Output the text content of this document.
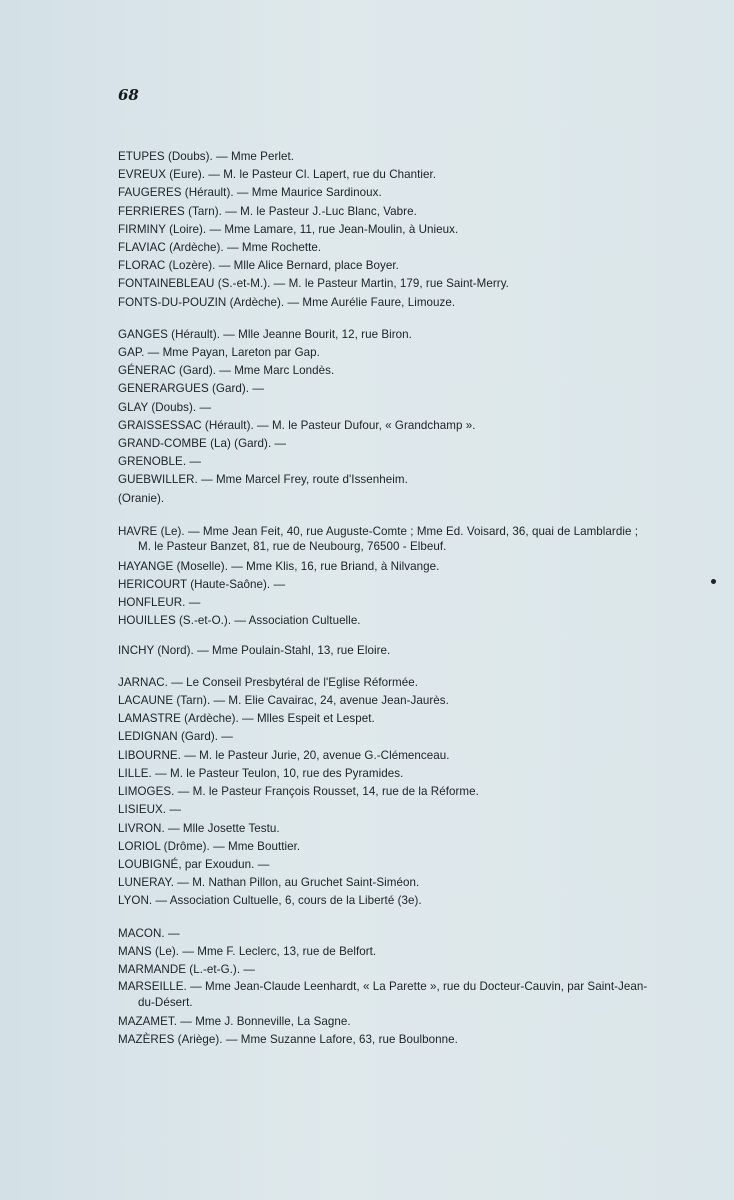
68
ETUPES (Doubs). — Mme Perlet.
EVREUX (Eure). — M. le Pasteur Cl. Lapert, rue du Chantier.
FAUGERES (Hérault). — Mme Maurice Sardinoux.
FERRIERES (Tarn). — M. le Pasteur J.-Luc Blanc, Vabre.
FIRMINY (Loire). — Mme Lamare, 11, rue Jean-Moulin, à Unieux.
FLAVIAC (Ardèche). — Mme Rochette.
FLORAC (Lozère). — Mlle Alice Bernard, place Boyer.
FONTAINEBLEAU (S.-et-M.). — M. le Pasteur Martin, 179, rue Saint-Merry.
FONTS-DU-POUZIN (Ardèche). — Mme Aurélie Faure, Limouze.
GANGES (Hérault). — Mlle Jeanne Bourit, 12, rue Biron.
GAP. — Mme Payan, Lareton par Gap.
GÉNERAC (Gard). — Mme Marc Londès.
GENERARGUES (Gard). —
GLAY (Doubs). —
GRAISSESSAC (Hérault). — M. le Pasteur Dufour, « Grandchamp ».
GRAND-COMBE (La) (Gard). —
GRENOBLE. —
GUEBWILLER. — Mme Marcel Frey, route d'Issenheim.
(Oranie).
HAVRE (Le). — Mme Jean Feit, 40, rue Auguste-Comte ; Mme Ed. Voisard, 36, quai de Lamblardie ; M. le Pasteur Banzet, 81, rue de Neubourg, 76500 - Elbeuf.
HAYANGE (Moselle). — Mme Klis, 16, rue Briand, à Nilvange.
HERICOURT (Haute-Saône). —
HONFLEUR. —
HOUILLES (S.-et-O.). — Association Cultuelle.
INCHY (Nord). — Mme Poulain-Stahl, 13, rue Eloire.
JARNAC. — Le Conseil Presbytéral de l'Eglise Réformée.
LACAUNE (Tarn). — M. Elie Cavairac, 24, avenue Jean-Jaurès.
LAMASTRE (Ardèche). — Mlles Espeit et Lespet.
LEDIGNAN (Gard). —
LIBOURNE. — M. le Pasteur Jurie, 20, avenue G.-Clémenceau.
LILLE. — M. le Pasteur Teulon, 10, rue des Pyramides.
LIMOGES. — M. le Pasteur François Rousset, 14, rue de la Réforme.
LISIEUX. —
LIVRON. — Mlle Josette Testu.
LORIOL (Drôme). — Mme Bouttier.
LOUBIGNÉ, par Exoudun. —
LUNERAY. — M. Nathan Pillon, au Gruchet Saint-Siméon.
LYON. — Association Cultuelle, 6, cours de la Liberté (3e).
MACON. —
MANS (Le). — Mme F. Leclerc, 13, rue de Belfort.
MARMANDE (L.-et-G.). —
MARSEILLE. — Mme Jean-Claude Leenhardt, « La Parette », rue du Docteur-Cauvin, par Saint-Jean-du-Désert.
MAZAMET. — Mme J. Bonneville, La Sagne.
MAZÈRES (Ariège). — Mme Suzanne Lafore, 63, rue Boulbonne.
